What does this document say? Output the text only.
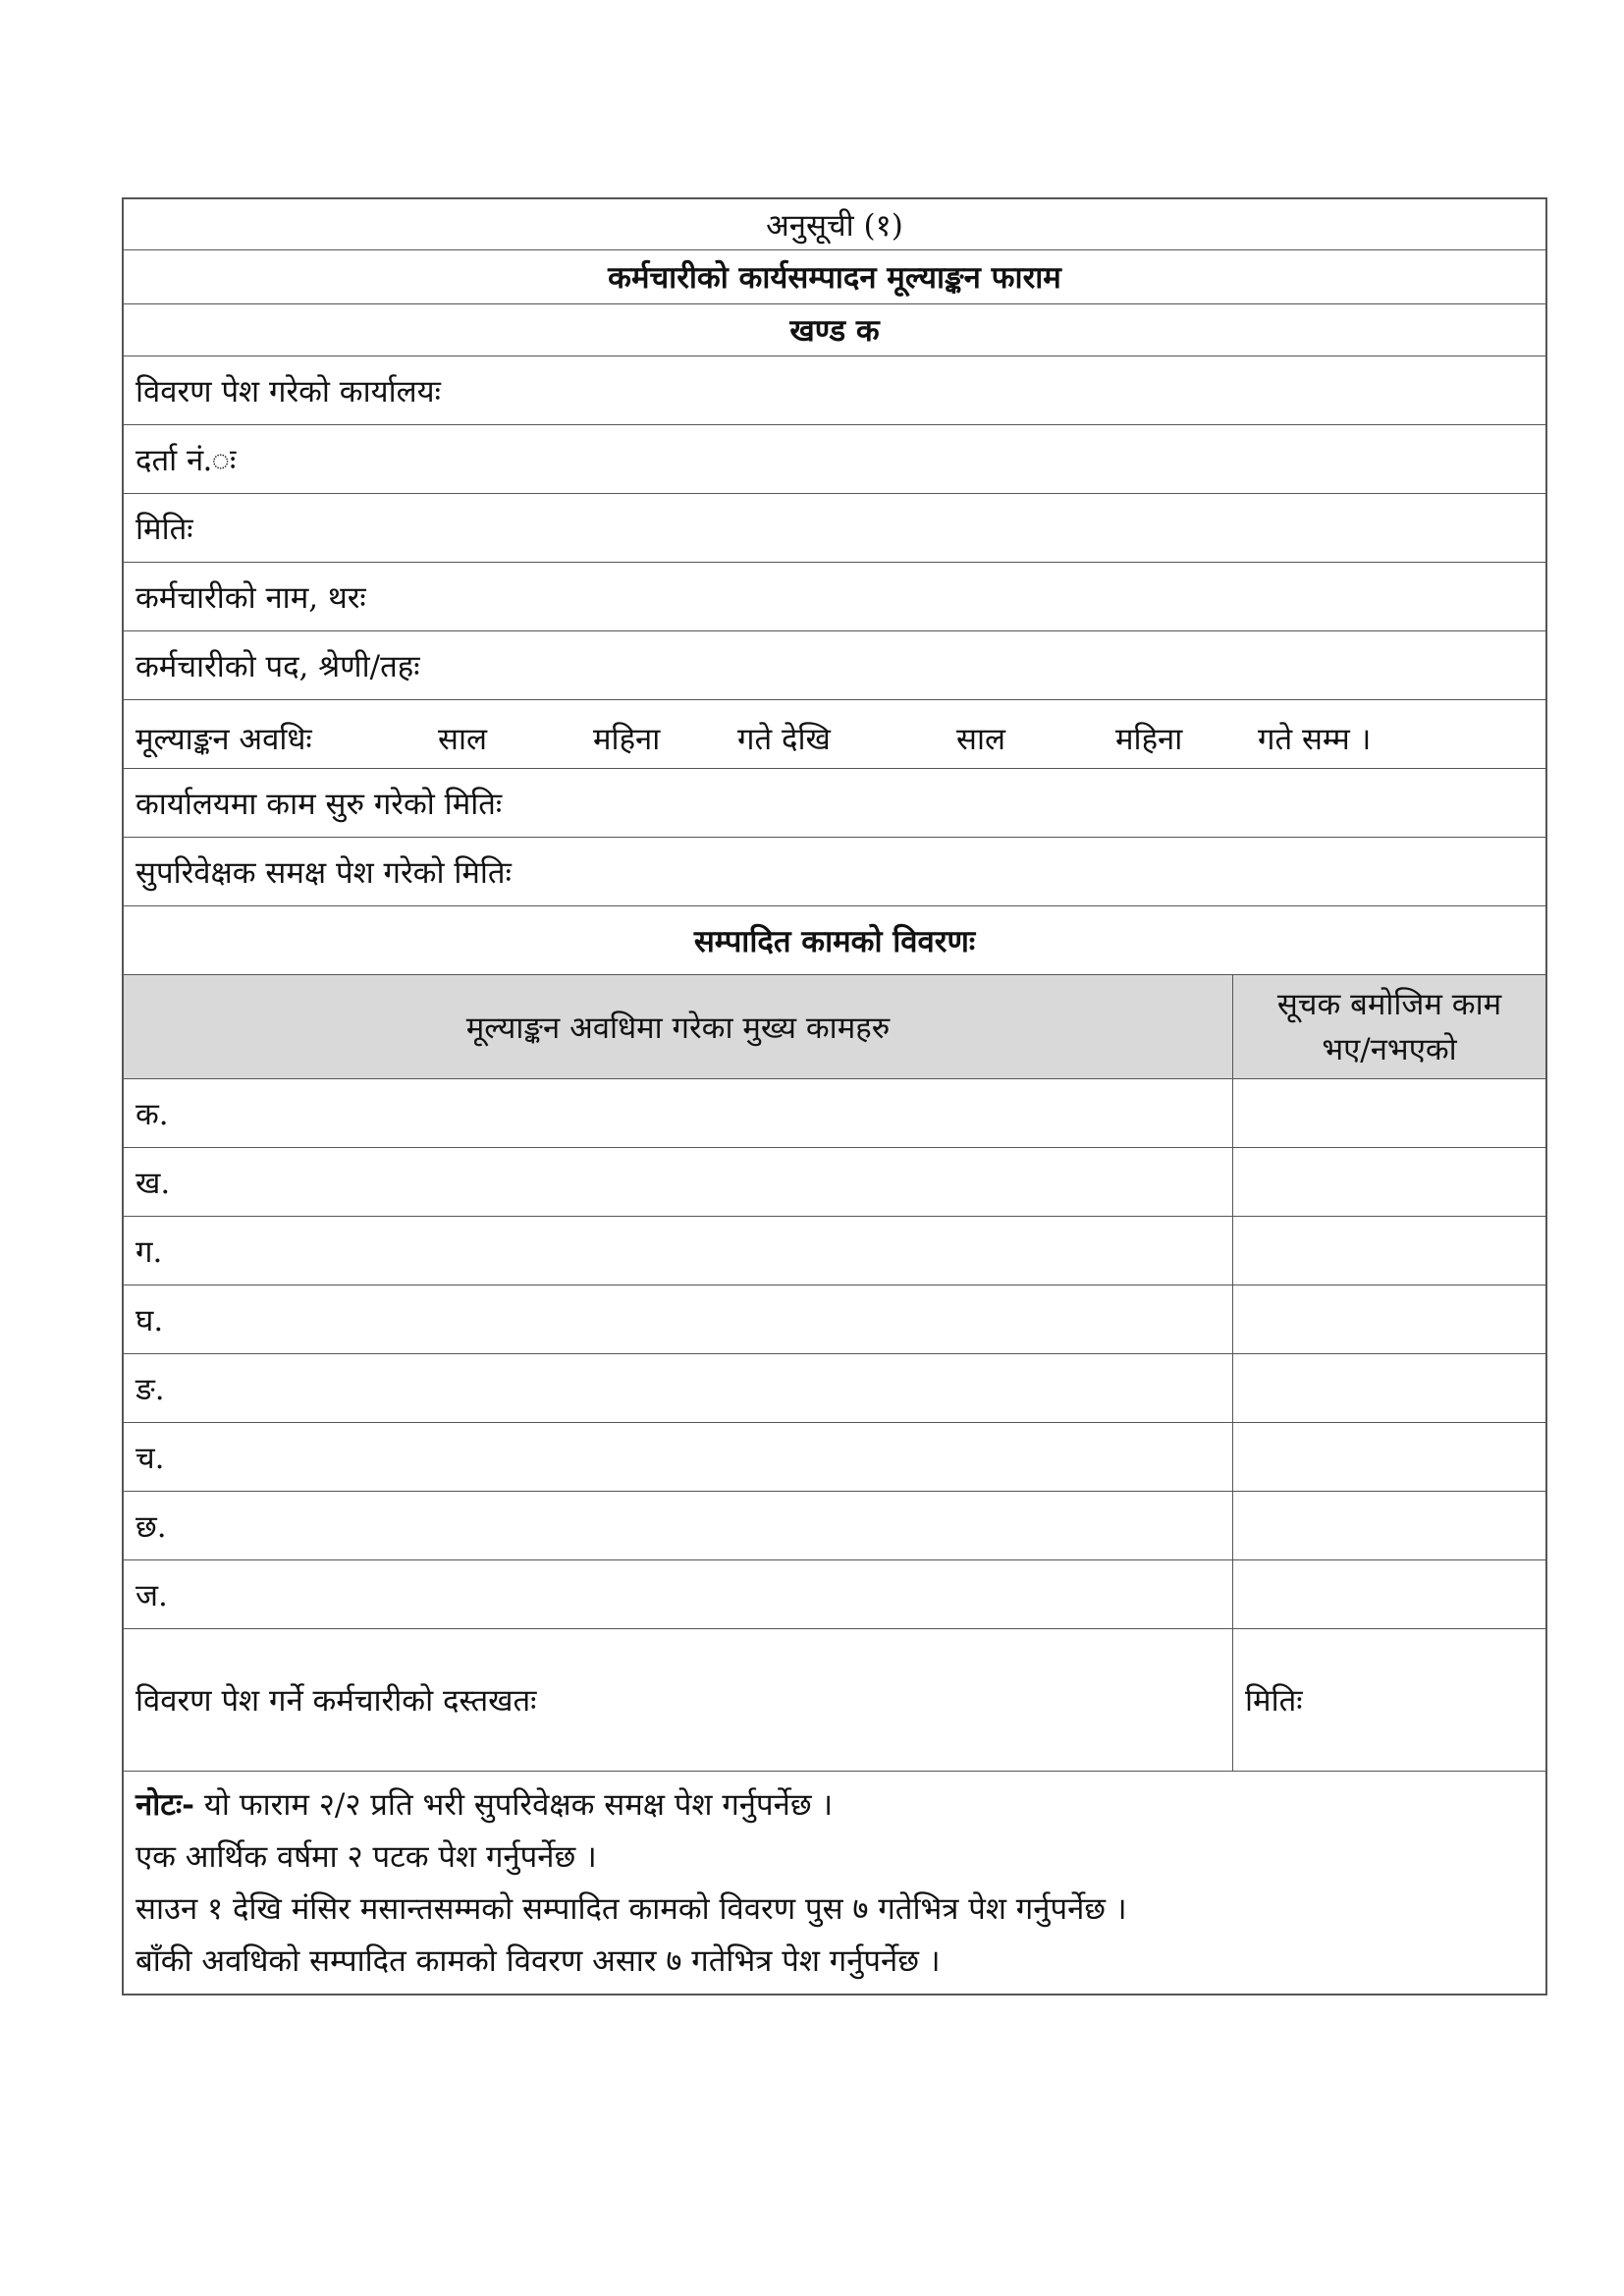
अनुसूची (१)
कर्मचारीको कार्यसम्पादन मूल्याङ्कन फाराम
खण्ड क
विवरण पेश गरेको कार्यालयः
दर्ता नं.ः
मितिः
कर्मचारीको नाम, थरः
कर्मचारीको पद, श्रेणी/तहः
मूल्याङ्कन अवधिः	साल	महिना	गते देखि	साल	महिना गते सम्म ।
कार्यालयमा काम सुरु गरेको मितिः
सुपरिवेक्षक समक्ष पेश गरेको मितिः
सम्पादित कामको विवरणः
मूल्याङ्कन अवधिमा गरेका मुख्य कामहरु
सूचक बमोजिम काम
भए/नभएको
क.
ख.
ग.
घ.
ङ.
च.
छ.
ज.
विवरण पेश गर्ने कर्मचारीको दस्तखतः	मितिः
नोटः- यो फाराम २/२ प्रति भरी सुपरिवेक्षक समक्ष पेश गर्नुपर्नेछ ।
एक आर्थिक वर्षमा २ पटक पेश गर्नुपर्नेछ ।
साउन १ देखि मंसिर मसान्तसम्मको सम्पादित कामको विवरण पुस ७ गतेभित्र पेश गर्नुपर्नेछ ।
बाँकी अवधिको सम्पादित कामको विवरण असार ७ गतेभित्र पेश गर्नुपर्नेछ ।
